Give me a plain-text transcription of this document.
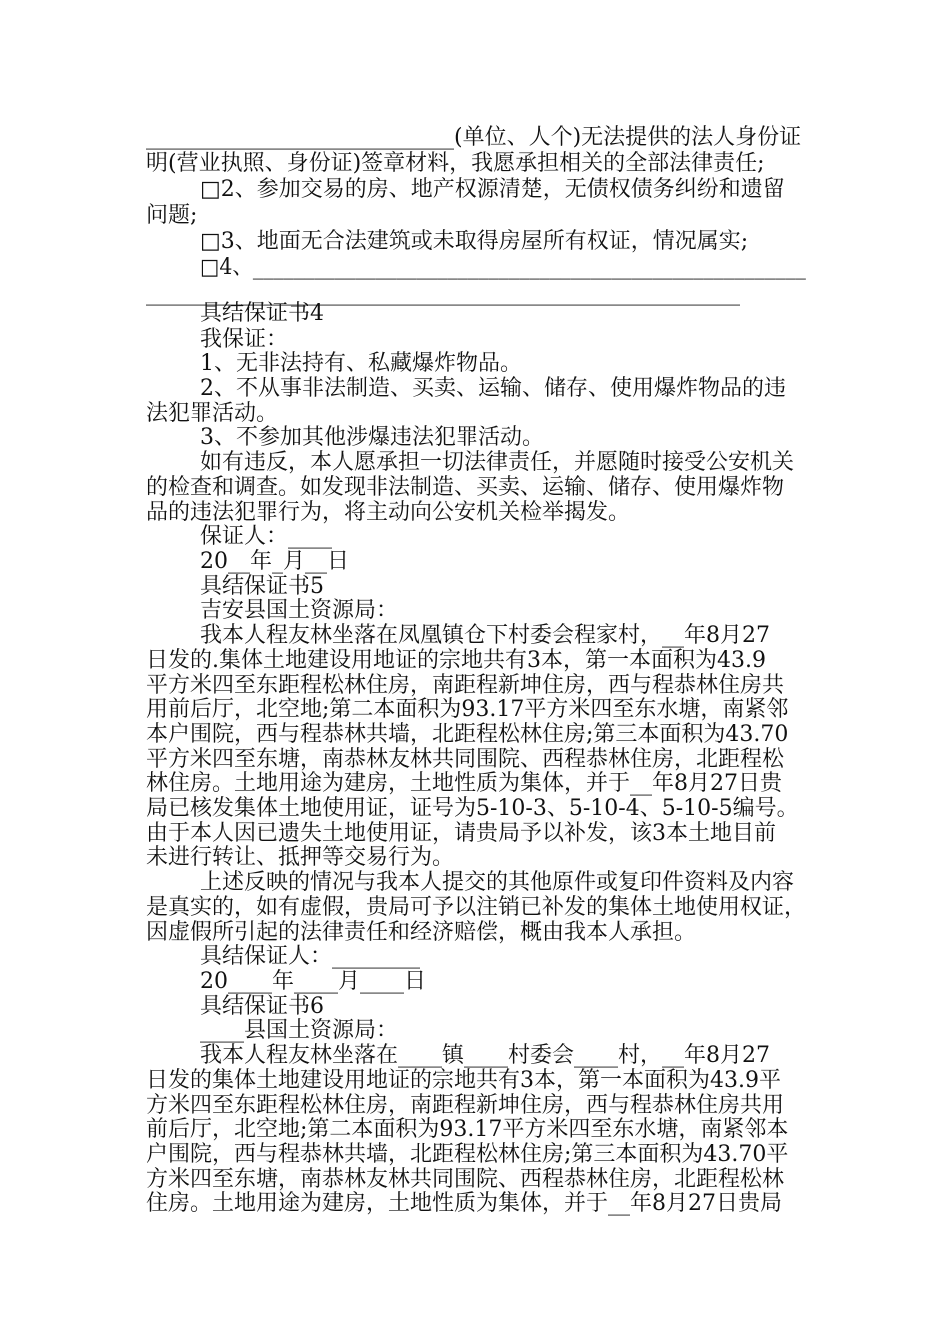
____________________________(单位、人个)无法提供的法人身份证
明(营业执照、身份证)签章材料，我愿承担相关的全部法律责任;
□2、参加交易的房、地产权源清楚，无债权债务纠纷和遗留
问题;
□3、地面无合法建筑或未取得房屋所有权证，情况属实;
□4、______________________________________________________
______________________________________________________
具结保证书4
我保证：
1、无非法持有、私藏爆炸物品。
2、不从事非法制造、买卖、运输、储存、使用爆炸物品的违
法犯罪活动。
3、不参加其他涉爆违法犯罪活动。
如有违反，本人愿承担一切法律责任，并愿随时接受公安机关
的检查和调查。如发现非法制造、买卖、运输、储存、使用爆炸物
品的违法犯罪行为，将主动向公安机关检举揭发。
保证人：____
20__年_月__日
具结保证书5
吉安县国土资源局：
我本人程友林坐落在凤凰镇仓下村委会程家村，__年8月27
日发的.集体土地建设用地证的宗地共有3本，第一本面积为43.9
平方米四至东距程松林住房，南距程新坤住房，西与程恭林住房共
用前后厅，北空地;第二本面积为93.17平方米四至东水塘，南紧邻
本户围院，西与程恭林共墙，北距程松林住房;第三本面积为43.70
平方米四至东塘，南恭林友林共同围院、西程恭林住房，北距程松
林住房。土地用途为建房，土地性质为集体，并于__年8月27日贵
局已核发集体土地使用证，证号为5-10-3、5-10-4、5-10-5编号。
由于本人因已遗失土地使用证，请贵局予以补发，该3本土地目前
未进行转让、抵押等交易行为。
上述反映的情况与我本人提交的其他原件或复印件资料及内容
是真实的，如有虚假，贵局可予以注销已补发的集体土地使用权证，
因虚假所引起的法律责任和经济赔偿，概由我本人承担。
具结保证人：________
20____年____月____日
具结保证书6
____县国土资源局：
我本人程友林坐落在____镇____村委会____村，__年8月27
日发的集体土地建设用地证的宗地共有3本，第一本面积为43.9平
方米四至东距程松林住房，南距程新坤住房，西与程恭林住房共用
前后厅，北空地;第二本面积为93.17平方米四至东水塘，南紧邻本
户围院，西与程恭林共墙，北距程松林住房;第三本面积为43.70平
方米四至东塘，南恭林友林共同围院、西程恭林住房，北距程松林
住房。土地用途为建房，土地性质为集体，并于__年8月27日贵局
